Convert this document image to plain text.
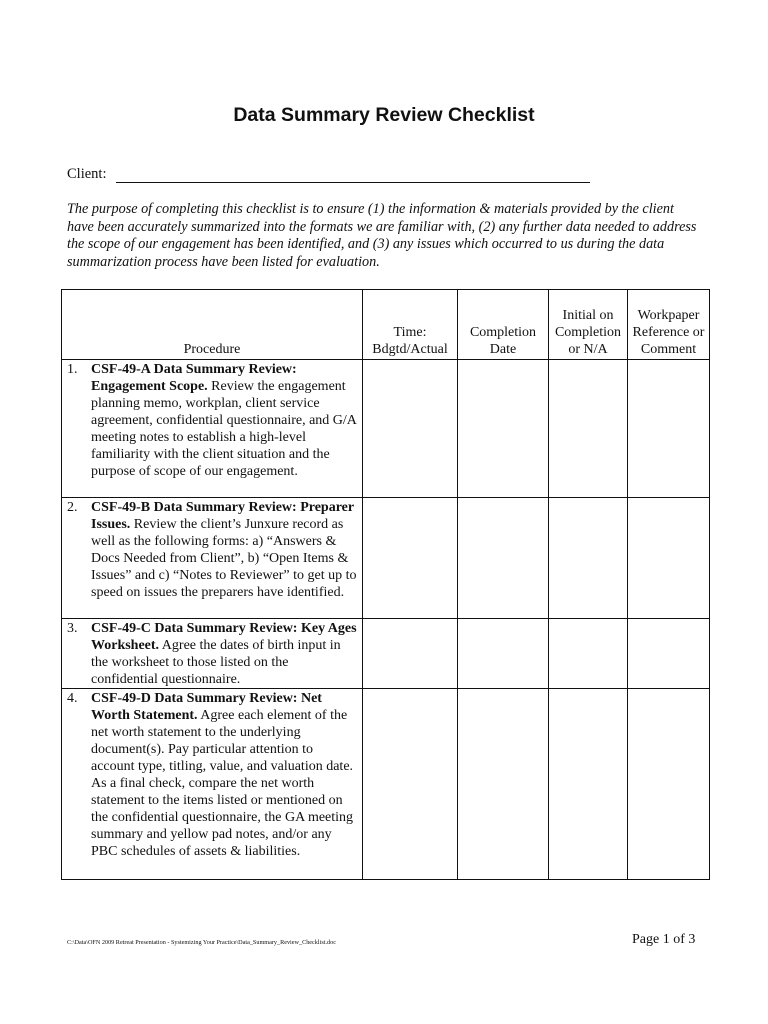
Data Summary Review Checklist
Client:
The purpose of completing this checklist is to ensure (1) the information & materials provided by the client have been accurately summarized into the formats we are familiar with, (2) any further data needed to address the scope of our engagement has been identified, and (3) any issues which occurred to us during the data summarization process have been listed for evaluation.
Procedure	Time: Bdgtd/Actual	Completion Date	Initial on Completion or N/A	Workpaper Reference or Comment

1. CSF-49-A Data Summary Review: Engagement Scope. Review the engagement planning memo, workplan, client service agreement, confidential questionnaire, and G/A meeting notes to establish a high-level familiarity with the client situation and the purpose of scope of our engagement.				

2. CSF-49-B Data Summary Review: Preparer Issues. Review the client’s Junxure record as well as the following forms: a) “Answers & Docs Needed from Client”, b) “Open Items & Issues” and c) “Notes to Reviewer” to get up to speed on issues the preparers have identified.				

3. CSF-49-C Data Summary Review: Key Ages Worksheet. Agree the dates of birth input in the worksheet to those listed on the confidential questionnaire.				

4. CSF-49-D Data Summary Review: Net Worth Statement. Agree each element of the net worth statement to the underlying document(s). Pay particular attention to account type, titling, value, and valuation date. As a final check, compare the net worth statement to the items listed or mentioned on the confidential questionnaire, the GA meeting summary and yellow pad notes, and/or any PBC schedules of assets & liabilities.				

C:\Data\OFN 2009 Retreat Presentation - Systemizing Your Practice\Data_Summary_Review_Checklist.doc	Page 1 of 3
